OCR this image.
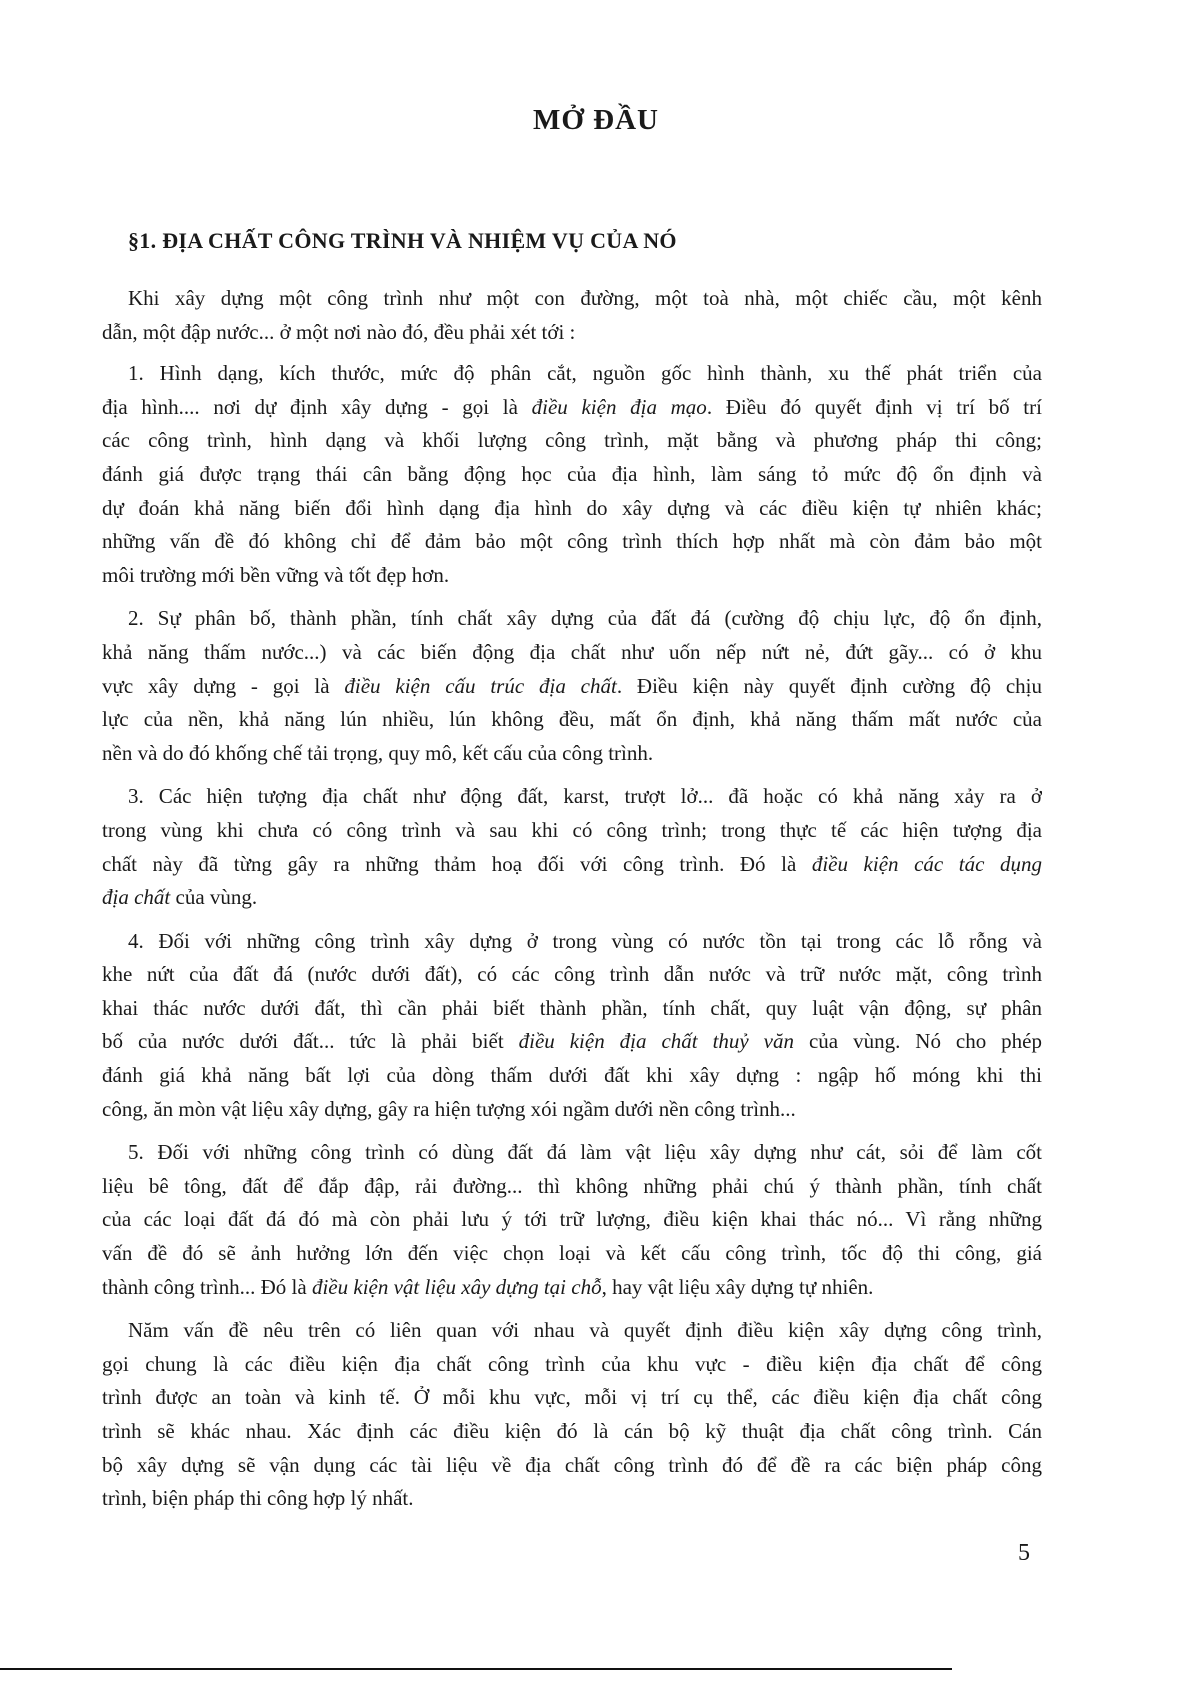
MỞ ĐẦU
§1. ĐỊA CHẤT CÔNG TRÌNH VÀ NHIỆM VỤ CỦA NÓ
Khi xây dựng một công trình như một con đường, một toà nhà, một chiếc cầu, một kênh
dẫn, một đập nước... ở một nơi nào đó, đều phải xét tới :
1. Hình dạng, kích thước, mức độ phân cắt, nguồn gốc hình thành, xu thế phát triển của
địa hình.... nơi dự định xây dựng - gọi là điều kiện địa mạo. Điều đó quyết định vị trí bố trí
các công trình, hình dạng và khối lượng công trình, mặt bằng và phương pháp thi công;
đánh giá được trạng thái cân bằng động học của địa hình, làm sáng tỏ mức độ ổn định và
dự đoán khả năng biến đổi hình dạng địa hình do xây dựng và các điều kiện tự nhiên khác;
những vấn đề đó không chỉ để đảm bảo một công trình thích hợp nhất mà còn đảm bảo một
môi trường mới bền vững và tốt đẹp hơn.
2. Sự phân bố, thành phần, tính chất xây dựng của đất đá (cường độ chịu lực, độ ổn định,
khả năng thấm nước...) và các biến động địa chất như uốn nếp nứt nẻ, đứt gãy... có ở khu
vực xây dựng - gọi là điều kiện cấu trúc địa chất. Điều kiện này quyết định cường độ chịu
lực của nền, khả năng lún nhiều, lún không đều, mất ổn định, khả năng thấm mất nước của
nền và do đó khống chế tải trọng, quy mô, kết cấu của công trình.
3. Các hiện tượng địa chất như động đất, karst, trượt lở... đã hoặc có khả năng xảy ra ở
trong vùng khi chưa có công trình và sau khi có công trình; trong thực tế các hiện tượng địa
chất này đã từng gây ra những thảm hoạ đối với công trình. Đó là điều kiện các tác dụng
địa chất của vùng.
4. Đối với những công trình xây dựng ở trong vùng có nước tồn tại trong các lỗ rỗng và
khe nứt của đất đá (nước dưới đất), có các công trình dẫn nước và trữ nước mặt, công trình
khai thác nước dưới đất, thì cần phải biết thành phần, tính chất, quy luật vận động, sự phân
bố của nước dưới đất... tức là phải biết điều kiện địa chất thuỷ văn của vùng. Nó cho phép
đánh giá khả năng bất lợi của dòng thấm dưới đất khi xây dựng : ngập hố móng khi thi
công, ăn mòn vật liệu xây dựng, gây ra hiện tượng xói ngầm dưới nền công trình...
5. Đối với những công trình có dùng đất đá làm vật liệu xây dựng như cát, sỏi để làm cốt
liệu bê tông, đất để đắp đập, rải đường... thì không những phải chú ý thành phần, tính chất
của các loại đất đá đó mà còn phải lưu ý tới trữ lượng, điều kiện khai thác nó... Vì rằng những
vấn đề đó sẽ ảnh hưởng lớn đến việc chọn loại và kết cấu công trình, tốc độ thi công, giá
thành công trình... Đó là điều kiện vật liệu xây dựng tại chỗ, hay vật liệu xây dựng tự nhiên.
Năm vấn đề nêu trên có liên quan với nhau và quyết định điều kiện xây dựng công trình,
gọi chung là các điều kiện địa chất công trình của khu vực - điều kiện địa chất để công
trình được an toàn và kinh tế. Ở mỗi khu vực, mỗi vị trí cụ thể, các điều kiện địa chất công
trình sẽ khác nhau. Xác định các điều kiện đó là cán bộ kỹ thuật địa chất công trình. Cán
bộ xây dựng sẽ vận dụng các tài liệu về địa chất công trình đó để đề ra các biện pháp công
trình, biện pháp thi công hợp lý nhất.
5
